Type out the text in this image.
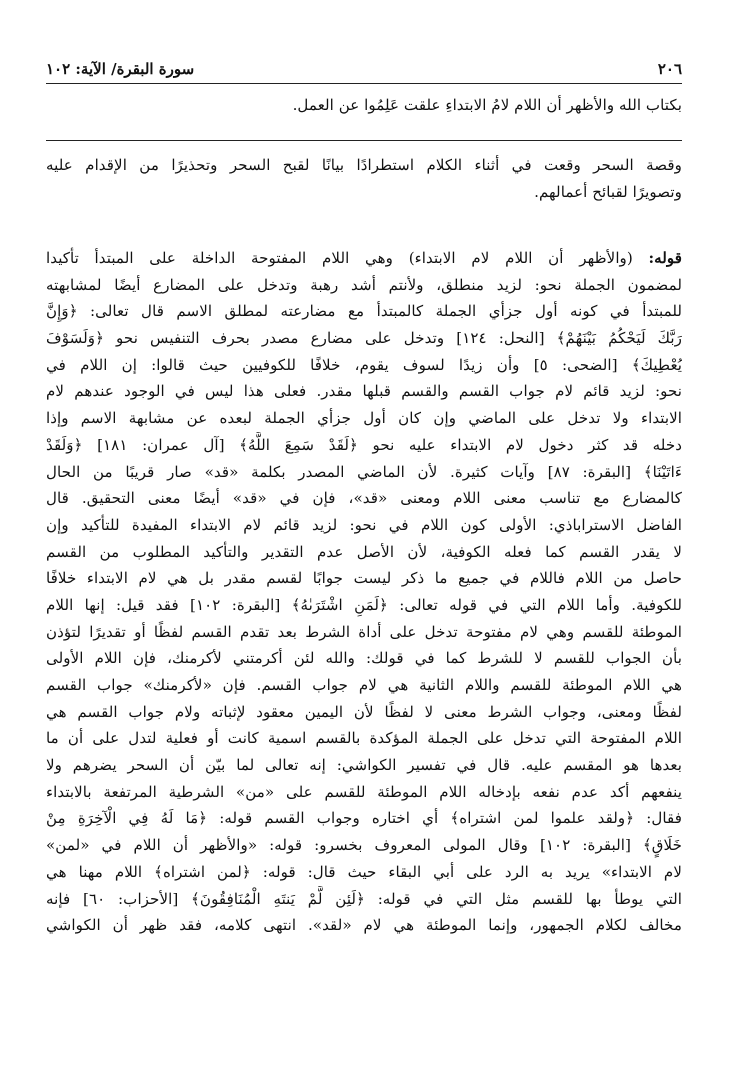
٢٠٦
سورة البقرة/ الآية: ١٠٢
بكتاب الله والأظهر أن اللام لامُ الابتداءِ علقت عَلِمُوا عن العمل.
وقصة السحر وقعت في أثناء الكلام استطرادًا بيانًا لقبح السحر وتحذيرًا من الإقدام عليه
وتصويرًا لقبائح أعمالهم.
قوله: (والأظهر أن اللام لام الابتداء) وهي اللام المفتوحة الداخلة على المبتدأ تأكيدا
لمضمون الجملة نحو: لزيد منطلق، ولأنتم أشد رهبة وتدخل على المضارع أيضًا لمشابهته
للمبتدأ في كونه أول جزأي الجملة كالمبتدأ مع مضارعته لمطلق الاسم قال تعالى: ﴿وَإِنَّ
رَبَّكَ لَيَحْكُمُ بَيْنَهُمْ﴾ [النحل: ١٢٤] وتدخل على مضارع مصدر بحرف التنفيس نحو ﴿وَلَسَوْفَ
يُعْطِيكَ﴾ [الضحى: ٥] وأن زيدًا لسوف يقوم، خلافًا للكوفيين حيث قالوا: إن اللام في
نحو: لزيد قائم لام جواب القسم والقسم قبلها مقدر. فعلى هذا ليس في الوجود عندهم لام
الابتداء ولا تدخل على الماضي وإن كان أول جزأي الجملة لبعده عن مشابهة الاسم وإذا
دخله قد كثر دخول لام الابتداء عليه نحو ﴿لَقَدْ سَمِعَ اللَّهُ﴾ [آل عمران: ١٨١] ﴿وَلَقَدْ
ءَاتَيْنَا﴾ [البقرة: ٨٧] وآيات كثيرة. لأن الماضي المصدر بكلمة «قد» صار قريبًا من الحال
كالمضارع مع تناسب معنى اللام ومعنى «قد»، فإن في «قد» أيضًا معنى التحقيق. قال
الفاضل الاستراباذي: الأولى كون اللام في نحو: لزيد قائم لام الابتداء المفيدة للتأكيد وإن
لا يقدر القسم كما فعله الكوفية، لأن الأصل عدم التقدير والتأكيد المطلوب من القسم
حاصل من اللام فاللام في جميع ما ذكر ليست جوابًا لقسم مقدر بل هي لام الابتداء خلافًا
للكوفية. وأما اللام التي في قوله تعالى: ﴿لَمَنِ اشْتَرَىٰهُ﴾ [البقرة: ١٠٢] فقد قيل: إنها اللام
الموطئة للقسم وهي لام مفتوحة تدخل على أداة الشرط بعد تقدم القسم لفظًا أو تقديرًا لتؤذن
بأن الجواب للقسم لا للشرط كما في قولك: والله لئن أكرمتني لأكرمنك، فإن اللام الأولى
هي اللام الموطئة للقسم واللام الثانية هي لام جواب القسم. فإن «لأكرمنك» جواب القسم
لفظًا ومعنى، وجواب الشرط معنى لا لفظًا لأن اليمين معقود لإثباته ولام جواب القسم هي
اللام المفتوحة التي تدخل على الجملة المؤكدة بالقسم اسمية كانت أو فعلية لتدل على أن ما
بعدها هو المقسم عليه. قال في تفسير الكواشي: إنه تعالى لما بيّن أن السحر يضرهم ولا
ينفعهم أكد عدم نفعه بإدخاله اللام الموطئة للقسم على «من» الشرطية المرتفعة بالابتداء
فقال: ﴿ولقد علموا لمن اشتراه﴾ أي اختاره وجواب القسم قوله: ﴿مَا لَهُ فِي الْآخِرَةِ مِنْ
خَلَاقٍ﴾ [البقرة: ١٠٢] وقال المولى المعروف بخسرو: قوله: «والأظهر أن اللام في «لمن»
لام الابتداء» يريد به الرد على أبي البقاء حيث قال: قوله: ﴿لمن اشتراه﴾ اللام مهنا هي
التي يوطأ بها للقسم مثل التي في قوله: ﴿لَئِن لَّمْ يَنتَهِ الْمُنَافِقُونَ﴾ [الأحزاب: ٦٠] فإنه
مخالف لكلام الجمهور، وإنما الموطئة هي لام «لقد». انتهى كلامه، فقد ظهر أن الكواشي
